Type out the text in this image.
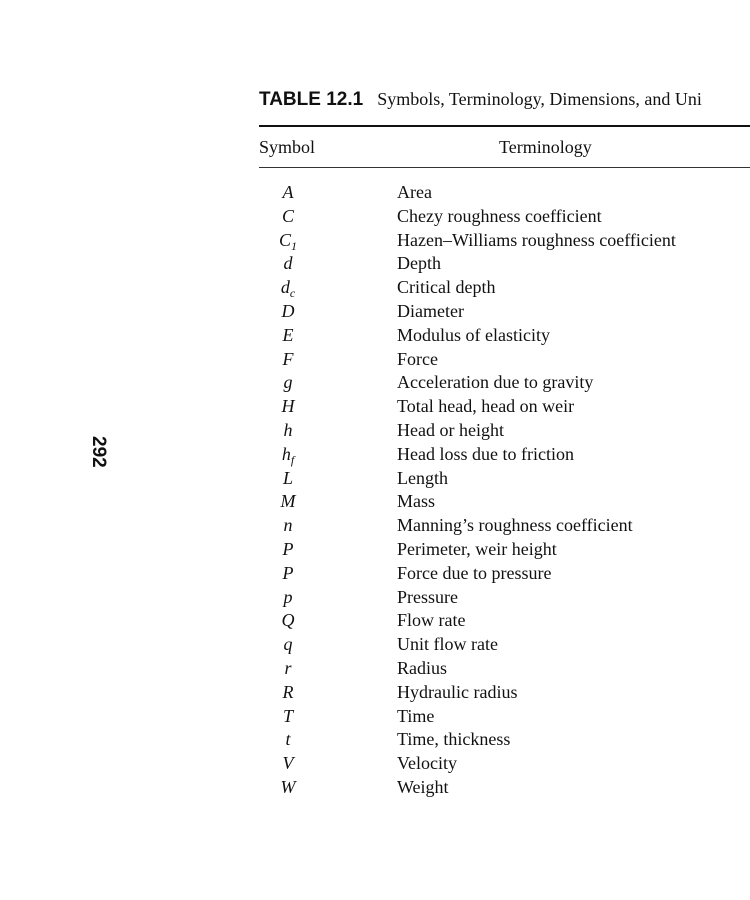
292
TABLE 12.1 Symbols, Terminology, Dimensions, and Uni
Symbol	Terminology
A	Area
C	Chezy roughness coefficient
$C_1$	Hazen–Williams roughness coefficient
d	Depth
$d_c$	Critical depth
D	Diameter
E	Modulus of elasticity
F	Force
g	Acceleration due to gravity
H	Total head, head on weir
h	Head or height
$h_f$	Head loss due to friction
L	Length
M	Mass
n	Manning’s roughness coefficient
P	Perimeter, weir height
P	Force due to pressure
p	Pressure
Q	Flow rate
q	Unit flow rate
r	Radius
R	Hydraulic radius
T	Time
t	Time, thickness
V	Velocity
W	Weight
